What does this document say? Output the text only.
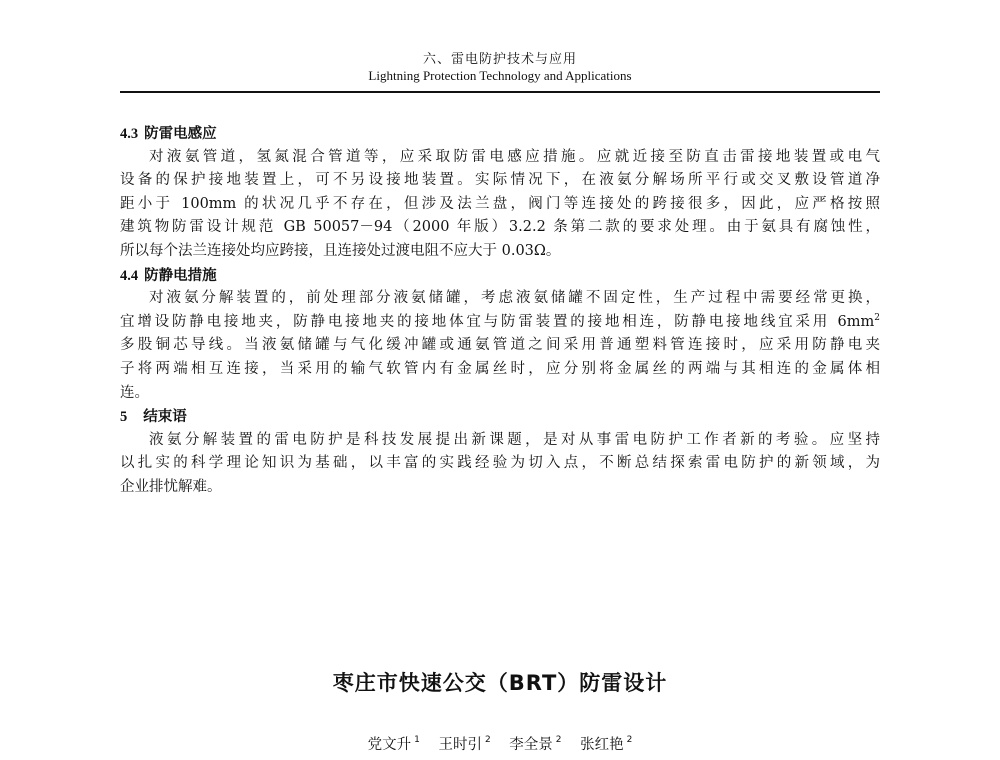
六、雷电防护技术与应用
Lightning Protection Technology and Applications
4.3 防雷电感应
对液氨管道，氢氮混合管道等，应采取防雷电感应措施。应就近接至防直击雷接地装置或电气
设备的保护接地装置上，可不另设接地装置。实际情况下，在液氨分解场所平行或交叉敷设管道净
距小于 100mm 的状况几乎不存在，但涉及法兰盘，阀门等连接处的跨接很多，因此，应严格按照
建筑物防雷设计规范 GB 50057－94（2000 年版）3.2.2 条第二款的要求处理。由于氨具有腐蚀性，
所以每个法兰连接处均应跨接，且连接处过渡电阻不应大于 0.03Ω。
4.4 防静电措施
对液氨分解装置的，前处理部分液氨储罐，考虑液氨储罐不固定性，生产过程中需要经常更换，
宜增设防静电接地夹，防静电接地夹的接地体宜与防雷装置的接地相连，防静电接地线宜采用 $6mm^2$
多股铜芯导线。当液氨储罐与气化缓冲罐或通氨管道之间采用普通塑料管连接时，应采用防静电夹
子将两端相互连接，当采用的输气软管内有金属丝时，应分别将金属丝的两端与其相连的金属体相
连。
5 结束语
液氨分解装置的雷电防护是科技发展提出新课题，是对从事雷电防护工作者新的考验。应坚持
以扎实的科学理论知识为基础，以丰富的实践经验为切入点，不断总结探索雷电防护的新领域，为
企业排忧解难。
枣庄市快速公交（BRT）防雷设计
党文升 $^1$ 王时引 $^2$ 李全景 $^2$ 张红艳 $^2$
